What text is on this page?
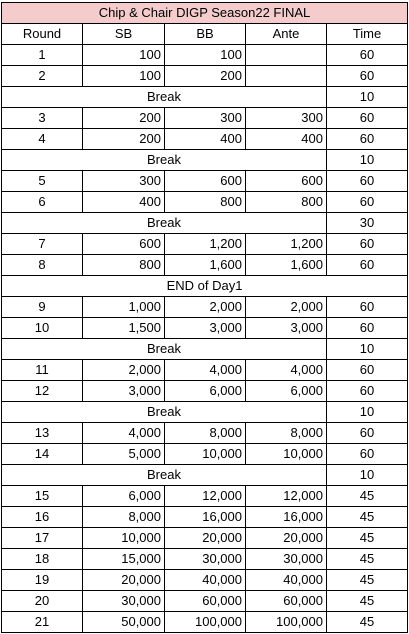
Chip & Chair DIGP Season22 FINAL				
Round	SB	BB	Ante	Time
1	100	100		60
2	100	200		60
Break				10
3	200	300	300	60
4	200	400	400	60
Break				10
5	300	600	600	60
6	400	800	800	60
Break				30
7	600	1,200	1,200	60
8	800	1,600	1,600	60
END of Day1				
9	1,000	2,000	2,000	60
10	1,500	3,000	3,000	60
Break				10
11	2,000	4,000	4,000	60
12	3,000	6,000	6,000	60
Break				10
13	4,000	8,000	8,000	60
14	5,000	10,000	10,000	60
Break				10
15	6,000	12,000	12,000	45
16	8,000	16,000	16,000	45
17	10,000	20,000	20,000	45
18	15,000	30,000	30,000	45
19	20,000	40,000	40,000	45
20	30,000	60,000	60,000	45
21	50,000	100,000	100,000	45
